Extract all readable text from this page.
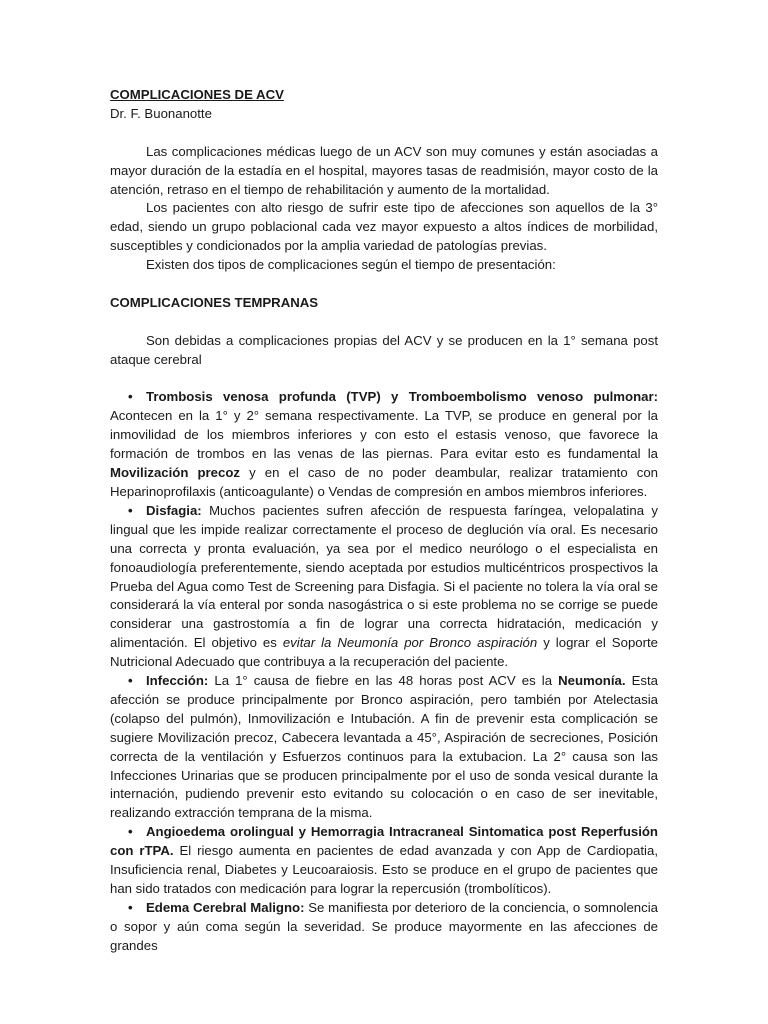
COMPLICACIONES DE ACV

Dr. F. Buonanotte

Las complicaciones médicas luego de un ACV son muy comunes y están asociadas a mayor duración de la estadía en el hospital, mayores tasas de readmisión, mayor costo de la atención, retraso en el tiempo de rehabilitación y aumento de la mortalidad.

Los pacientes con alto riesgo de sufrir este tipo de afecciones son aquellos de la 3° edad, siendo un grupo poblacional cada vez mayor expuesto a altos índices de morbilidad, susceptibles y condicionados por la amplia variedad de patologías previas.

Existen dos tipos de complicaciones según el tiempo de presentación:

COMPLICACIONES TEMPRANAS

Son debidas a complicaciones propias del ACV y se producen en la 1° semana post ataque cerebral

• Trombosis venosa profunda (TVP) y Tromboembolismo venoso pulmonar: Acontecen en la 1° y 2° semana respectivamente. La TVP, se produce en general por la inmovilidad de los miembros inferiores y con esto el estasis venoso, que favorece la formación de trombos en las venas de las piernas. Para evitar esto es fundamental la Movilización precoz y en el caso de no poder deambular, realizar tratamiento con Heparinoprofilaxis (anticoagulante) o Vendas de compresión en ambos miembros inferiores.

• Disfagia: Muchos pacientes sufren afección de respuesta faríngea, velopalatina y lingual que les impide realizar correctamente el proceso de deglución vía oral. Es necesario una correcta y pronta evaluación, ya sea por el medico neurólogo o el especialista en fonoaudiología preferentemente, siendo aceptada por estudios multicéntricos prospectivos la Prueba del Agua como Test de Screening para Disfagia. Si el paciente no tolera la vía oral se considerará la vía enteral por sonda nasogástrica o si este problema no se corrige se puede considerar una gastrostomía a fin de lograr una correcta hidratación, medicación y alimentación. El objetivo es evitar la Neumonía por Bronco aspiración y lograr el Soporte Nutricional Adecuado que contribuya a la recuperación del paciente.

• Infección: La 1° causa de fiebre en las 48 horas post ACV es la Neumonía. Esta afección se produce principalmente por Bronco aspiración, pero también por Atelectasia (colapso del pulmón), Inmovilización e Intubación. A fin de prevenir esta complicación se sugiere Movilización precoz, Cabecera levantada a 45°, Aspiración de secreciones, Posición correcta de la ventilación y Esfuerzos continuos para la extubacion. La 2° causa son las Infecciones Urinarias que se producen principalmente por el uso de sonda vesical durante la internación, pudiendo prevenir esto evitando su colocación o en caso de ser inevitable, realizando extracción temprana de la misma.

• Angioedema orolingual y Hemorragia Intracraneal Sintomatica post Reperfusión con rTPA. El riesgo aumenta en pacientes de edad avanzada y con App de Cardiopatia, Insuficiencia renal, Diabetes y Leucoaraiosis. Esto se produce en el grupo de pacientes que han sido tratados con medicación para lograr la repercusión (trombolíticos).

• Edema Cerebral Maligno: Se manifiesta por deterioro de la conciencia, o somnolencia o sopor y aún coma según la severidad. Se produce mayormente en las afecciones de grandes
